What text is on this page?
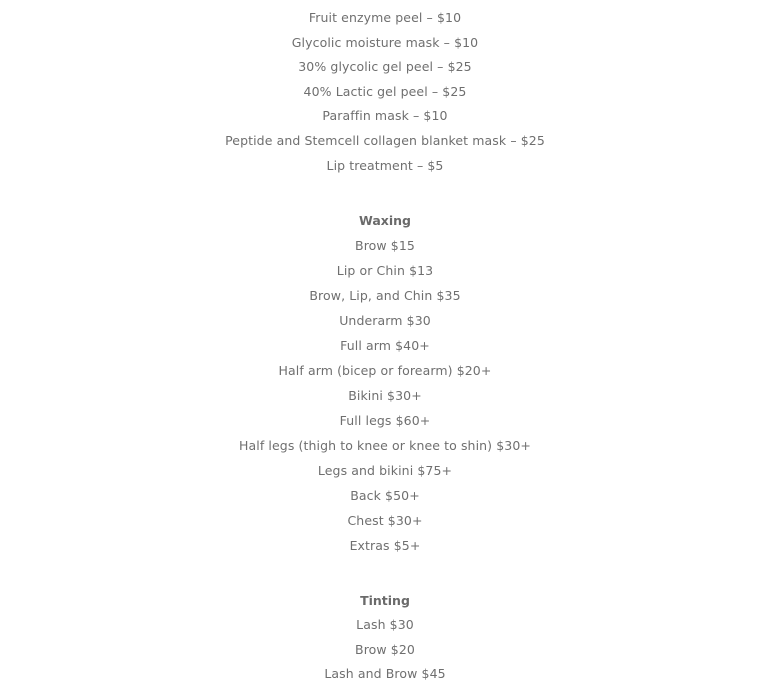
Fruit enzyme peel – $10
Glycolic moisture mask – $10
30% glycolic gel peel – $25
40% Lactic gel peel – $25
Paraffin mask – $10
Peptide and Stemcell collagen blanket mask – $25
Lip treatment – $5
Waxing
Brow $15
Lip or Chin $13
Brow, Lip, and Chin $35
Underarm $30
Full arm $40+
Half arm (bicep or forearm) $20+
Bikini $30+
Full legs $60+
Half legs (thigh to knee or knee to shin) $30+
Legs and bikini $75+
Back $50+
Chest $30+
Extras $5+
Tinting
Lash $30
Brow $20
Lash and Brow $45
